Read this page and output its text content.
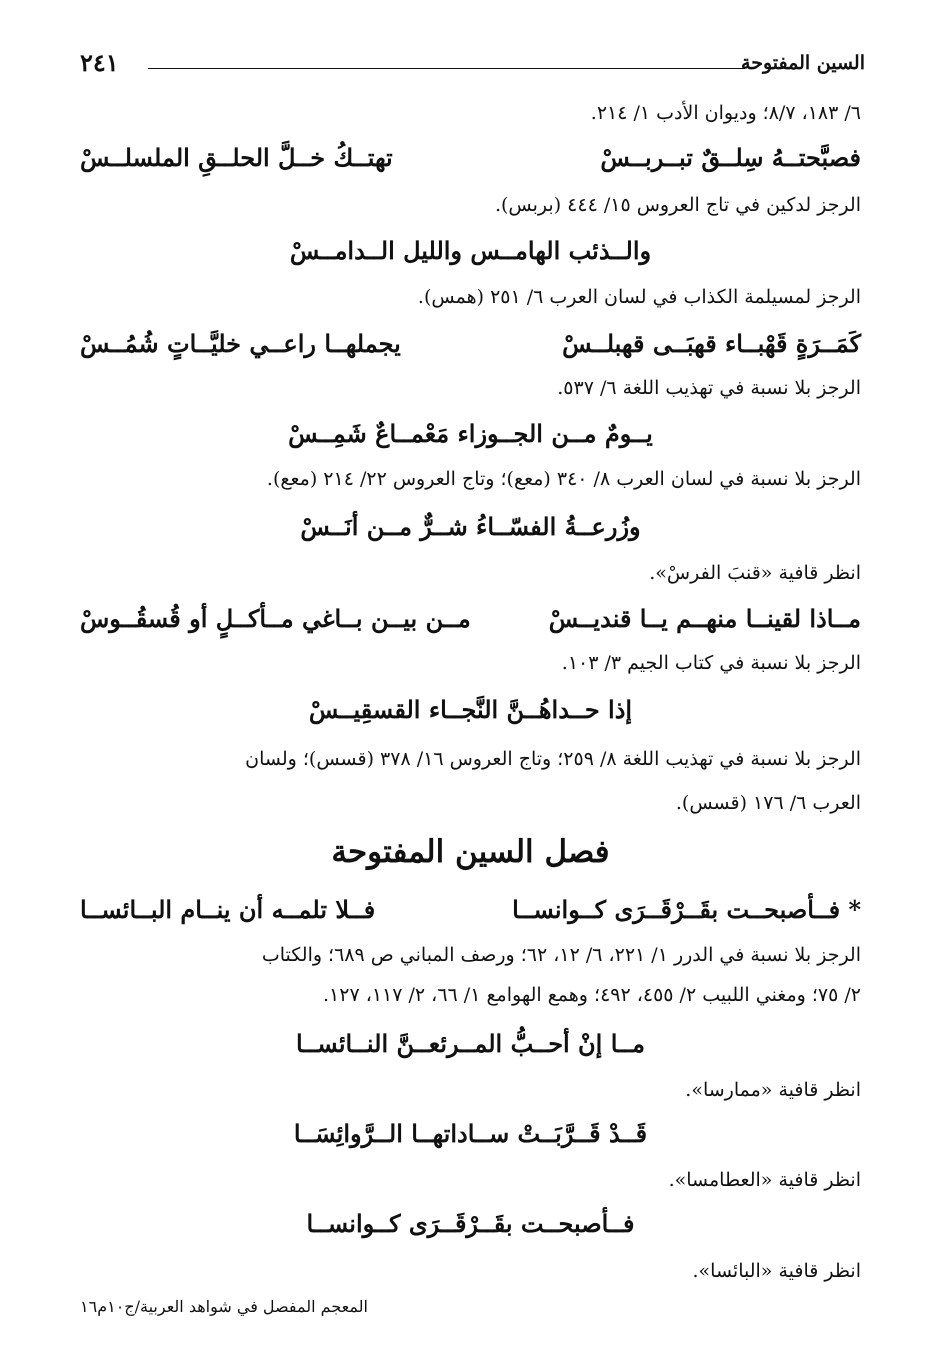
السين المفتوحة
٢٤١
٦/ ١٨٣، ٨/٧؛ وديوان الأدب ١/ ٢١٤.
فصبَّحتــهُ سِلــقٌ تبــربــسْ
تهتــكُ خــلَّ الحلــقِ الملسلــسْ
الرجز لدكين في تاج العروس ١٥/ ٤٤٤ (بربس).
والــذئب الهامــس والليل الــدامــسْ
الرجز لمسيلمة الكذاب في لسان العرب ٦/ ٢٥١ (همس).
كَمَــرَةٍ قَهْبــاء قهبَــى قهبلــسْ
يجملهــا راعــي خليَّــاتٍ شُمُــسْ
الرجز بلا نسبة في تهذيب اللغة ٦/ ٥٣٧.
يــومٌ مــن الجــوزاء مَعْمــاعٌ شَمِــسْ
الرجز بلا نسبة في لسان العرب ٨/ ٣٤٠ (معع)؛ وتاج العروس ٢٢/ ٢١٤ (معع).
وزُرعــةُ الفسّــاءُ شــرٌّ مــن أنَــسْ
انظر قافية «قنبَ الفرسْ».
مــاذا لقينــا منهــم يــا قنديــسْ
مــن بيــن بــاغي مــأكــلٍ أو قُسقُــوسْ
الرجز بلا نسبة في كتاب الجيم ٣/ ١٠٣.
إذا حــداهُــنَّ النَّجــاء القسقِيــسْ
الرجز بلا نسبة في تهذيب اللغة ٨/ ٢٥٩؛ وتاج العروس ١٦/ ٣٧٨ (قسس)؛ ولسان
العرب ٦/ ١٧٦ (قسس).
فصل السين المفتوحة
* فــأصبحــت بقَــرْقَــرَى كــوانســا
فــلا تلمــه أن ينــام البــائســا
الرجز بلا نسبة في الدرر ١/ ٢٢١، ٦/ ١٢، ٦٢؛ ورصف المباني ص ٦٨٩؛ والكتاب
٢/ ٧٥؛ ومغني اللبيب ٢/ ٤٥٥، ٤٩٢؛ وهمع الهوامع ١/ ٦٦، ٢/ ١١٧، ١٢٧.
مــا إنْ أحــبُّ المــرئعــنَّ النــائســا
انظر قافية «ممارسا».
قَــدْ قَــرَّبَــتْ ســاداتهــا الــرَّوائِسَــا
انظر قافية «العطامسا».
فــأصبحــت بقَــرْقَــرَى كــوانســا
انظر قافية «البائسا».
المعجم المفصل في شواهد العربية/ج١٠م١٦
